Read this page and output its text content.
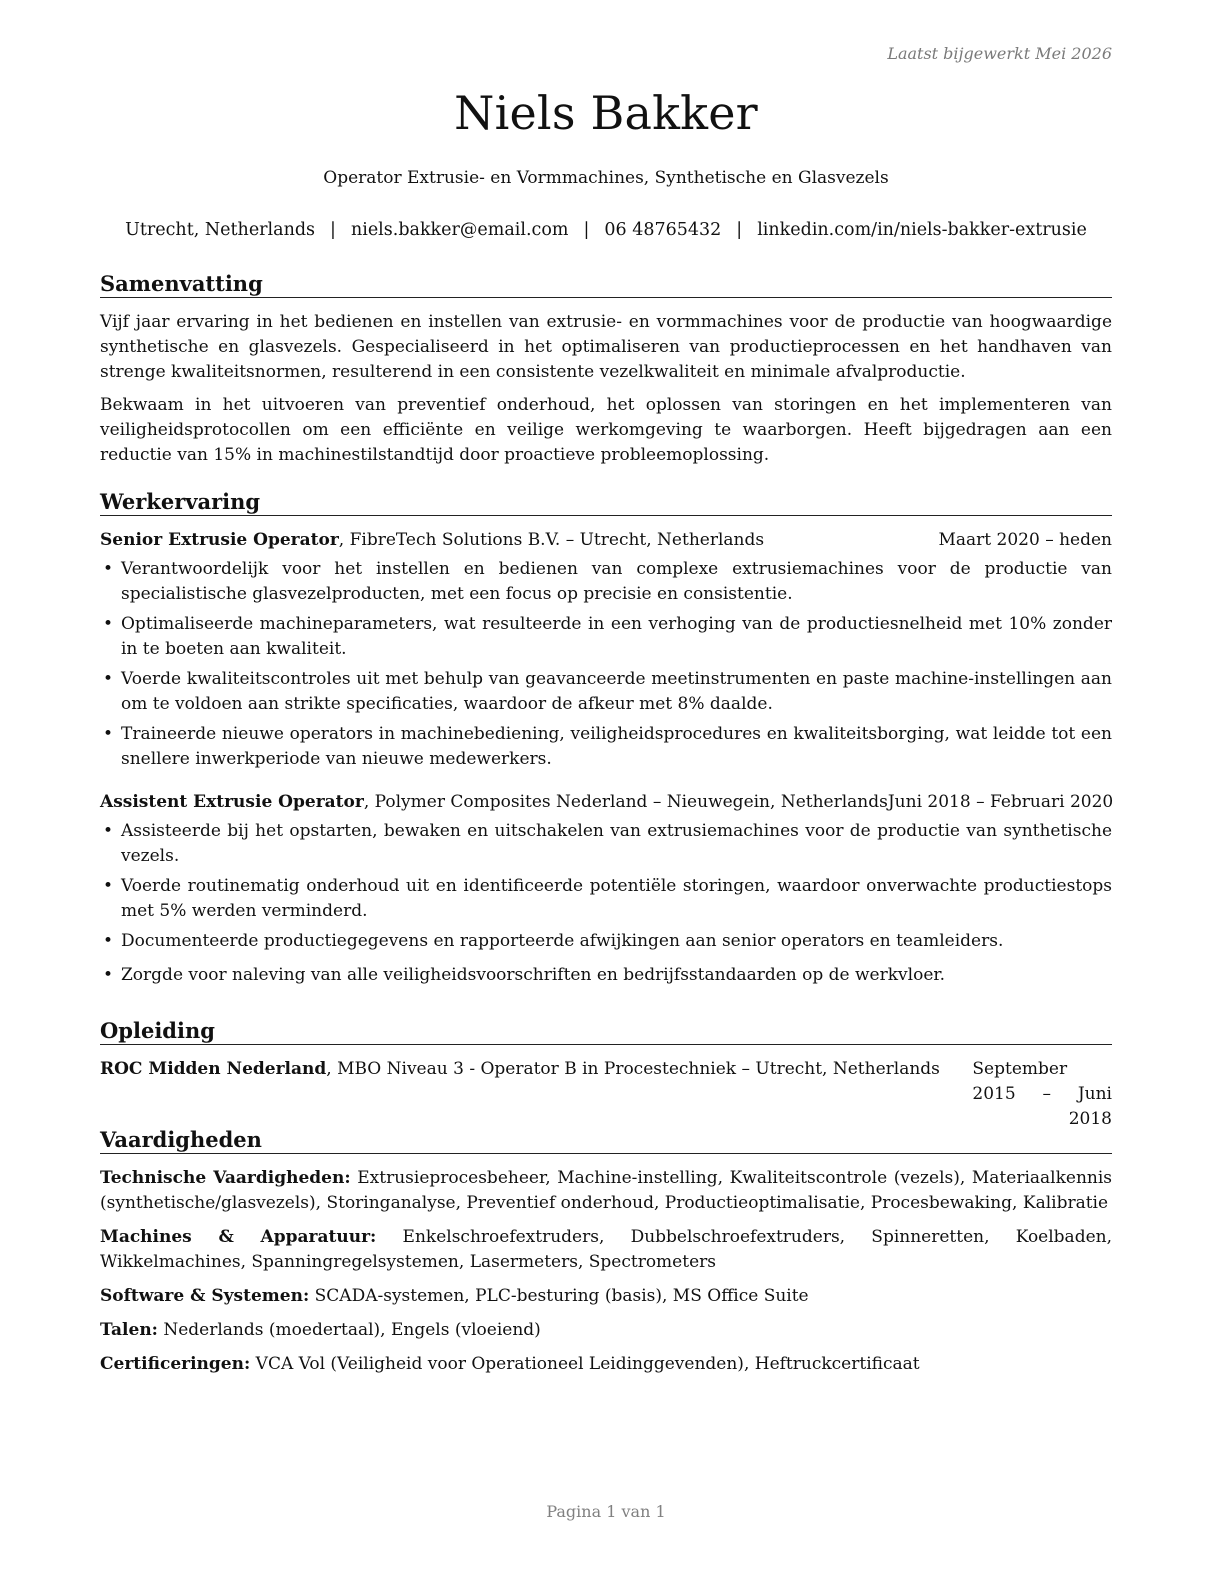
Laatst bijgewerkt Mei 2026
Niels Bakker
Operator Extrusie- en Vormmachines, Synthetische en Glasvezels
Utrecht, Netherlands | niels.bakker@email.com | 06 48765432 | linkedin.com/in/niels-bakker-extrusie
Samenvatting

Vijf jaar ervaring in het bedienen en instellen van extrusie- en vormmachines voor de productie van hoogwaardige synthetische en glasvezels. Gespecialiseerd in het optimaliseren van productieprocessen en het handhaven van strenge kwaliteitsnormen, resulterend in een consistente vezelkwaliteit en minimale afvalproductie.

Bekwaam in het uitvoeren van preventief onderhoud, het oplossen van storingen en het implementeren van veiligheidsprotocollen om een efficiënte en veilige werkomgeving te waarborgen. Heeft bijgedragen aan een reductie van 15% in machinestilstandtijd door proactieve probleemoplossing.

Werkervaring
Senior Extrusie Operator, FibreTech Solutions B.V. – Utrecht, Netherlands	Maart 2020 – heden
• Verantwoordelijk voor het instellen en bedienen van complexe extrusiemachines voor de productie van specialistische glasvezelproducten, met een focus op precisie en consistentie.
• Optimaliseerde machineparameters, wat resulteerde in een verhoging van de productiesnelheid met 10% zonder in te boeten aan kwaliteit.
• Voerde kwaliteitscontroles uit met behulp van geavanceerde meetinstrumenten en paste machine-instellingen aan om te voldoen aan strikte specificaties, waardoor de afkeur met 8% daalde.
• Traineerde nieuwe operators in machinebediening, veiligheidsprocedures en kwaliteitsborging, wat leidde tot een snellere inwerkperiode van nieuwe medewerkers.
Assistent Extrusie Operator, Polymer Composites Nederland – Nieuwegein, Netherlands Juni 2018 – Februari 2020
• Assisteerde bij het opstarten, bewaken en uitschakelen van extrusiemachines voor de productie van synthetische vezels.
• Voerde routinematig onderhoud uit en identificeerde potentiële storingen, waardoor onverwachte productiestops met 5% werden verminderd.
• Documenteerde productiegegevens en rapporteerde afwijkingen aan senior operators en teamleiders.
• Zorgde voor naleving van alle veiligheidsvoorschriften en bedrijfsstandaarden op de werkvloer.
Opleiding
ROC Midden Nederland, MBO Niveau 3 - Operator B in Procestechniek – Utrecht, Netherlands	September 2015 – Juni 2018
Vaardigheden
Technische Vaardigheden: Extrusieprocesbeheer, Machine-instelling, Kwaliteitscontrole (vezels), Materiaalkennis (synthetische/glasvezels), Storinganalyse, Preventief onderhoud, Productieoptimalisatie, Procesbewaking, Kalibratie
Machines & Apparatuur: Enkelschroefextruders, Dubbelschroefextruders, Spinneretten, Koelbaden, Wikkelmachines, Spanningregelsystemen, Lasermeters, Spectrometers
Software & Systemen: SCADA-systemen, PLC-besturing (basis), MS Office Suite
Talen: Nederlands (moedertaal), Engels (vloeiend)
Certificeringen: VCA Vol (Veiligheid voor Operationeel Leidinggevenden), Heftruckcertificaat
Pagina 1 van 1
